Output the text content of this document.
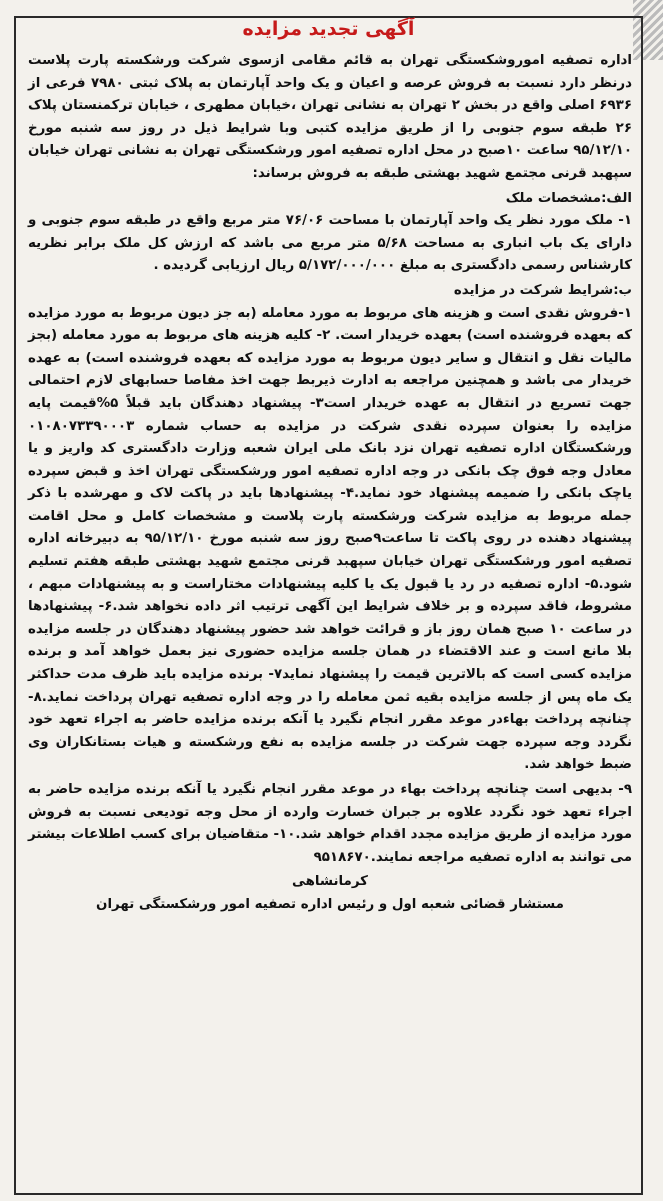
آگهی تجدید مزایده

اداره تصفیه اموروشکستگی تهران به قائم مقامی ازسوی شرکت ورشکسته پارت پلاست درنظر دارد نسبت به فروش عرصه و اعیان و یک واحد آپارتمان به پلاک ثبتی ۷۹۸۰ فرعی از ۶۹۳۶ اصلی واقع در بخش ۲ تهران به نشانی تهران ،خیابان مطهری ، خیابان ترکمنستان پلاک ۲۶ طبقه سوم جنوبی را از طریق مزایده کتبی وبا شرایط ذیل در روز سه شنبه مورخ ۹۵/۱۲/۱۰ ساعت ۱۰صبح در محل اداره تصفیه امور ورشکستگی تهران به نشانی تهران خیابان سپهبد قرنی مجتمع شهید بهشتی طبقه به فروش برساند:

الف:مشخصات ملک

۱- ملک مورد نظر یک واحد آپارتمان با مساحت ۷۶/۰۶ متر مربع واقع در طبقه سوم جنوبی و دارای یک باب انباری به مساحت ۵/۶۸ متر مربع می باشد که ارزش کل ملک برابر نظریه کارشناس رسمی دادگستری به مبلغ ۵/۱۷۲/۰۰۰/۰۰۰ ریال ارزیابی گردیده .

ب:شرایط شرکت در مزایده

۱-فروش نقدی است و هزینه های مربوط به مورد معامله (به جز دیون مربوط به مورد مزایده که بعهده فروشنده است) بعهده خریدار است. ۲- کلیه هزینه های مربوط به مورد معامله (بجز مالیات نقل و انتقال و سایر دیون مربوط به مورد مزایده که بعهده فروشنده است) به عهده خریدار می باشد و همچنین مراجعه به ادارت ذیربط جهت اخذ مفاصا حسابهای لازم احتمالی جهت تسریع در انتقال به عهده خریدار است۳- پیشنهاد دهندگان باید قبلاً ۵%قیمت پایه مزایده را بعنوان سپرده نقدی شرکت در مزایده به حساب شماره ۰۱۰۸۰۷۳۳۹۰۰۰۳ ورشکستگان اداره تصفیه تهران نزد بانک ملی ایران شعبه وزارت دادگستری کد واریز و یا معادل وجه فوق چک بانکی در وجه اداره تصفیه امور ورشکستگی تهران اخذ و قبض سپرده یاچک بانکی را ضمیمه پیشنهاد خود نماید.۴- پیشنهادها باید در پاکت لاک و مهرشده با ذکر جمله مربوط به مزایده شرکت ورشکسته پارت پلاست و مشخصات کامل و محل اقامت پیشنهاد دهنده در روی پاکت تا ساعت۹صبح روز سه شنبه مورخ ۹۵/۱۲/۱۰ به دبیرخانه اداره تصفیه امور ورشکستگی تهران خیابان سپهبد قرنی مجتمع شهید بهشتی طبقه هفتم تسلیم شود.۵- اداره تصفیه در رد یا قبول یک یا کلیه پیشنهادات مختاراست و به پیشنهادات مبهم ، مشروط، فاقد سپرده و بر خلاف شرایط این آگهی ترتیب اثر داده نخواهد شد.۶- پیشنهادها در ساعت ۱۰ صبح همان روز باز و قرائت خواهد شد حضور پیشنهاد دهندگان در جلسه مزایده بلا مانع است و عند الاقتضاء در همان جلسه مزایده حضوری نیز بعمل خواهد آمد و برنده مزایده کسی است که بالاترین قیمت را پیشنهاد نماید۷- برنده مزایده باید ظرف مدت حداکثر یک ماه پس از جلسه مزایده بقیه ثمن معامله را در وجه اداره تصفیه تهران پرداخت نماید.۸- چنانچه پرداخت بهاءدر موعد مقرر انجام نگیرد یا آنکه برنده مزایده حاضر به اجراء تعهد خود نگردد وجه سپرده جهت شرکت در جلسه مزایده به نفع ورشکسته و هیات بستانکاران وی ضبط خواهد شد.

۹- بدیهی است چنانچه پرداخت بهاء در موعد مقرر انجام نگیرد یا آنکه برنده مزایده حاضر به اجراء تعهد خود نگردد علاوه بر جبران خسارت وارده از محل وجه تودیعی نسبت به فروش مورد مزایده از طریق مزایده مجدد اقدام خواهد شد.۱۰- متقاضیان برای کسب اطلاعات بیشتر می توانند به اداره تصفیه مراجعه نمایند.۹۵۱۸۶۷۰

کرمانشاهی

مستشار قضائی شعبه اول و رئیس اداره تصفیه امور ورشکستگی تهران
